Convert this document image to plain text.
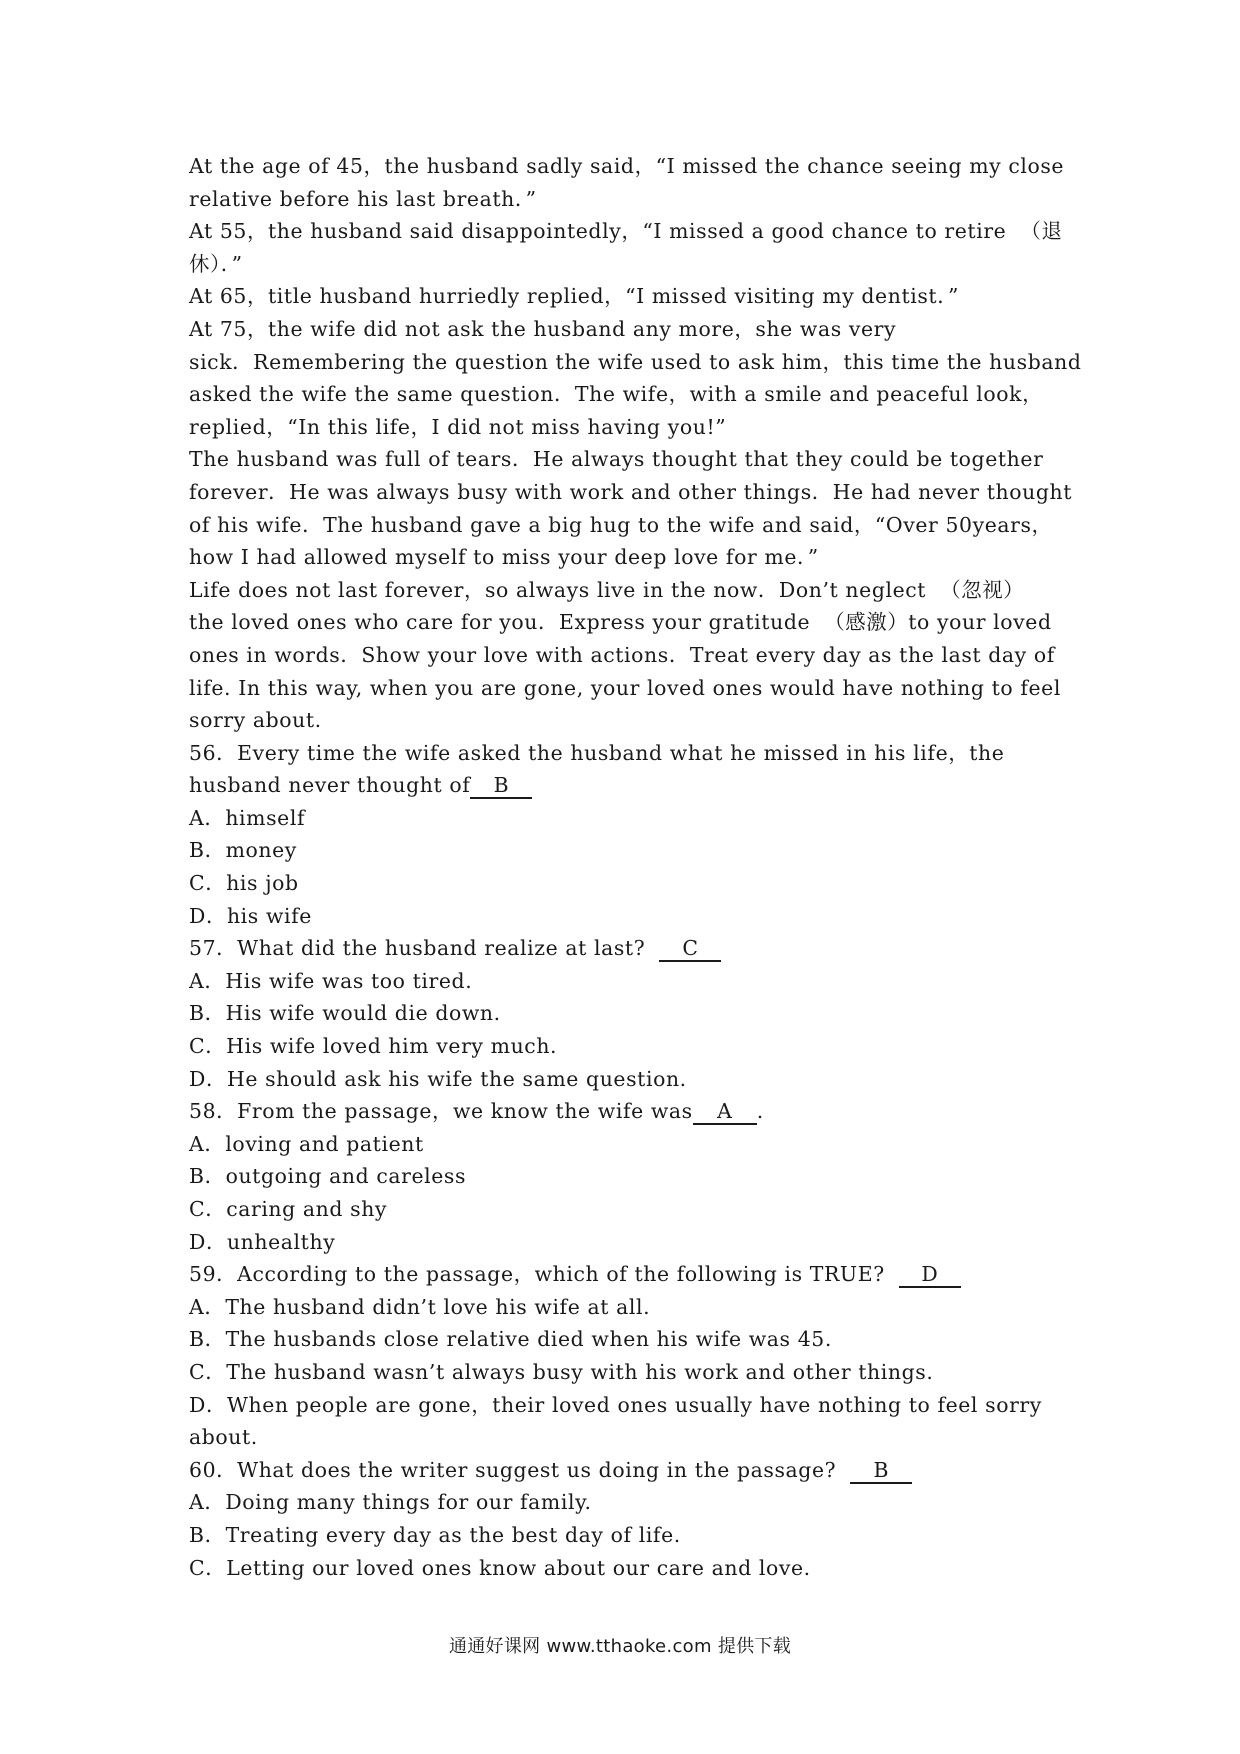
At the age of 45，the husband sadly said，“I missed the chance seeing my close
relative before his last breath．”
At 55，the husband said disappointedly，“I missed a good chance to retire  （退
休）．”
At 65，title husband hurriedly replied，“I missed visiting my dentist．”
At 75，the wife did not ask the husband any more，she was very
sick．Remembering the question the wife used to ask him，this time the husband
asked the wife the same question．The wife，with a smile and peaceful look，
replied，“In this life，I did not miss having you!”
The husband was full of tears．He always thought that they could be together
forever．He was always busy with work and other things．He had never thought
of his wife．The husband gave a big hug to the wife and said，“Over 50years，
how I had allowed myself to miss your deep love for me．”
Life does not last forever，so always live in the now．Don’t neglect  （忽视）
the loved ones who care for you．Express your gratitude  （感激）to your loved
ones in words．Show your love with actions．Treat every day as the last day of
life. In this way, when you are gone, your loved ones would have nothing to feel
sorry about.
56．Every time the wife asked the husband what he missed in his life，the
husband never thought of B
A．himself
B．money
C．his job
D．his wife
57．What did the husband realize at last?  C
A．His wife was too tired.
B．His wife would die down.
C．His wife loved him very much.
D．He should ask his wife the same question.
58．From the passage，we know the wife was A .
A．loving and patient
B．outgoing and careless
C．caring and shy
D．unhealthy
59．According to the passage，which of the following is TRUE?  D
A．The husband didn’t love his wife at all.
B．The husbands close relative died when his wife was 45.
C．The husband wasn’t always busy with his work and other things.
D．When people are gone，their loved ones usually have nothing to feel sorry
about.
60．What does the writer suggest us doing in the passage?  B
A．Doing many things for our family.
B．Treating every day as the best day of life.
C．Letting our loved ones know about our care and love.
通通好课网 www.tthaoke.com 提供下载
